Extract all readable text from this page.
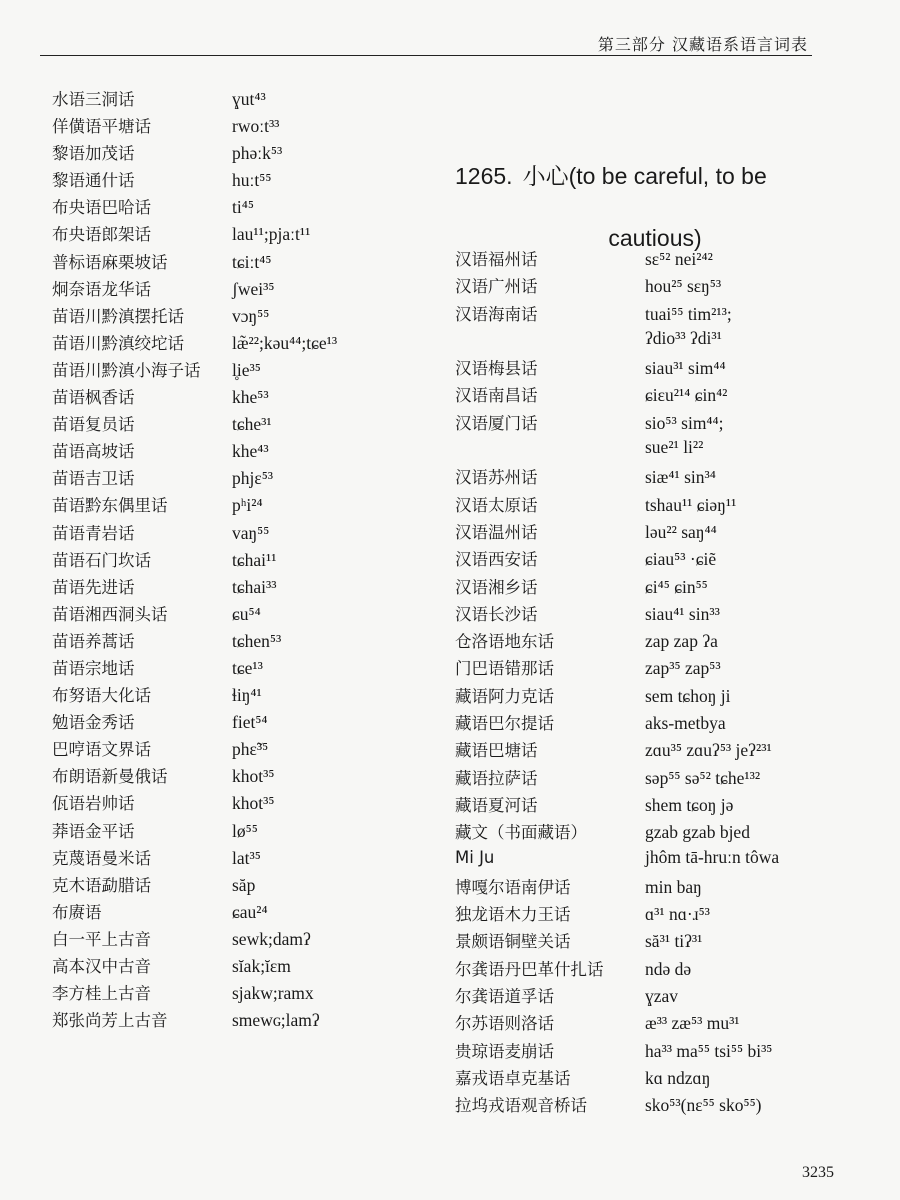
第三部分 汉藏语系语言词表
水语三洞话	ɣut⁴³
佯僙语平塘话	rwoːt³³
黎语加茂话	phəːk⁵³
黎语通什话	huːt⁵⁵
布央语巴哈话	ti⁴⁵
布央语郎架话	lau¹¹;pjaːt¹¹
普标语麻栗坡话	tɕiːt⁴⁵
炯奈语龙华话	ʃwei³⁵
苗语川黔滇摆托话	vɔŋ⁵⁵
苗语川黔滇绞坨话	læ̃²²;kəu⁴⁴;tɕe¹³
苗语川黔滇小海子话	l̥ie³⁵
苗语枫香话	khe⁵³
苗语复员话	tɕhe³¹
苗语高坡话	khe⁴³
苗语吉卫话	phjɛ⁵³
苗语黔东偶里话	pʰi²⁴
苗语青岩话	vaŋ⁵⁵
苗语石门坎话	tɕhai¹¹
苗语先进话	tɕhai³³
苗语湘西洞头话	ɕu⁵⁴
苗语养蒿话	tɕhen⁵³
苗语宗地话	tɕe¹³
布努语大化话	ɬiŋ⁴¹
勉语金秀话	fiet⁵⁴
巴哼语文界话	phɛ̃³⁵
布朗语新曼俄话	khot³⁵
佤语岩帅话	khot³⁵
莽语金平话	lø⁵⁵
克蔑语曼米话	lat³⁵
克木语勐腊话	săp
布赓语	ɕau²⁴
白一平上古音	sewk;damʔ
高本汉中古音	sĭak;ĭɛm
李方桂上古音	sjakw;ramx
郑张尚芳上古音	smewɢ;lamʔ
1265. 小心(to be careful, to be
cautious)
汉语福州话	sɛ⁵² nei²⁴²
汉语广州话	hou²⁵ sɛŋ⁵³
汉语海南话	tuai⁵⁵ tim²¹³;
ʔdio³³ ʔdi³¹
汉语梅县话	siau³¹ sim⁴⁴
汉语南昌话	ɕiɛu²¹⁴ ɕin⁴²
汉语厦门话	sio⁵³ sim⁴⁴;
sue²¹ li²²
汉语苏州话	siæ⁴¹ sin³⁴
汉语太原话	tshau¹¹ ɕiəŋ¹¹
汉语温州话	ləu²² saŋ⁴⁴
汉语西安话	ɕiau⁵³ ·ɕiẽ
汉语湘乡话	ɕi⁴⁵ ɕin⁵⁵
汉语长沙话	siau⁴¹ sin³³
仓洛语地东话	zap zap ʔa
门巴语错那话	zap³⁵ zap⁵³
藏语阿力克话	sem tɕhoŋ ji
藏语巴尔提话	aks-metbya
藏语巴塘话	zɑu³⁵ zɑuʔ⁵³ jeʔ²³¹
藏语拉萨话	səp⁵⁵ sə⁵² tɕhe¹³²
藏语夏河话	shem tɕoŋ jə
藏文（书面藏语）	gzab gzab bjed
Mi Ju	jhôm tā-hruːn tôwa
博嘎尔语南伊话	min baŋ
独龙语木力王话	ɑ³¹ nɑ·ɹ⁵³
景颇语铜壁关话	să³¹ tiʔ³¹
尔龚语丹巴革什扎话	ndə də
尔龚语道孚话	ɣzav
尔苏语则洛话	æ³³ zæ⁵³ mu³¹
贵琼语麦崩话	ha³³ ma⁵⁵ tsi⁵⁵ bi³⁵
嘉戎语卓克基话	kɑ ndzɑŋ
拉坞戎语观音桥话	sko⁵³(nɛ⁵⁵ sko⁵⁵)
3235
